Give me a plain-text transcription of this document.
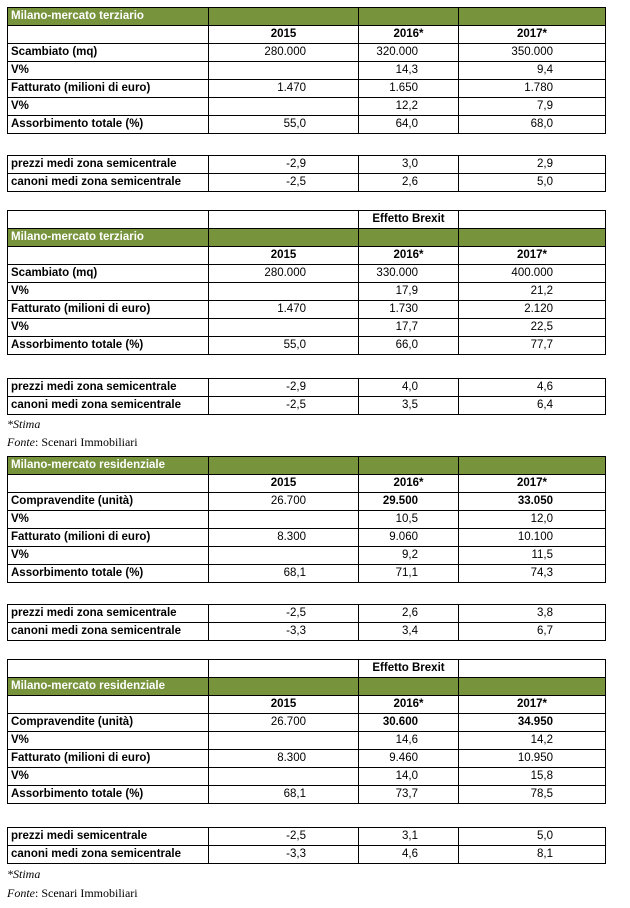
Milano-mercato terziario			
	2015	2016*	2017*
Scambiato (mq)	280.000	320.000	350.000
V%		14,3	9,4
Fatturato (milioni di euro)	1.470	1.650	1.780
V%		12,2	7,9
Assorbimento totale (%)	55,0	64,0	68,0
prezzi medi zona semicentrale	-2,9	3,0	2,9
canoni medi zona semicentrale	-2,5	2,6	5,0
		Effetto Brexit	
Milano-mercato terziario			
	2015	2016*	2017*
Scambiato (mq)	280.000	330.000	400.000
V%		17,9	21,2
Fatturato (milioni di euro)	1.470	1.730	2.120
V%		17,7	22,5
Assorbimento totale (%)	55,0	66,0	77,7
prezzi medi zona semicentrale	-2,9	4,0	4,6
canoni medi zona semicentrale	-2,5	3,5	6,4
*Stima
Fonte: Scenari Immobiliari
Milano-mercato residenziale			
	2015	2016*	2017*
Compravendite (unità)	26.700	29.500	33.050
V%		10,5	12,0
Fatturato (milioni di euro)	8.300	9.060	10.100
V%		9,2	11,5
Assorbimento totale (%)	68,1	71,1	74,3
prezzi medi zona semicentrale	-2,5	2,6	3,8
canoni medi zona semicentrale	-3,3	3,4	6,7
		Effetto Brexit	
Milano-mercato residenziale			
	2015	2016*	2017*
Compravendite (unità)	26.700	30.600	34.950
V%		14,6	14,2
Fatturato (milioni di euro)	8.300	9.460	10.950
V%		14,0	15,8
Assorbimento totale (%)	68,1	73,7	78,5
prezzi medi semicentrale	-2,5	3,1	5,0
canoni medi zona semicentrale	-3,3	4,6	8,1
*Stima
Fonte: Scenari Immobiliari
